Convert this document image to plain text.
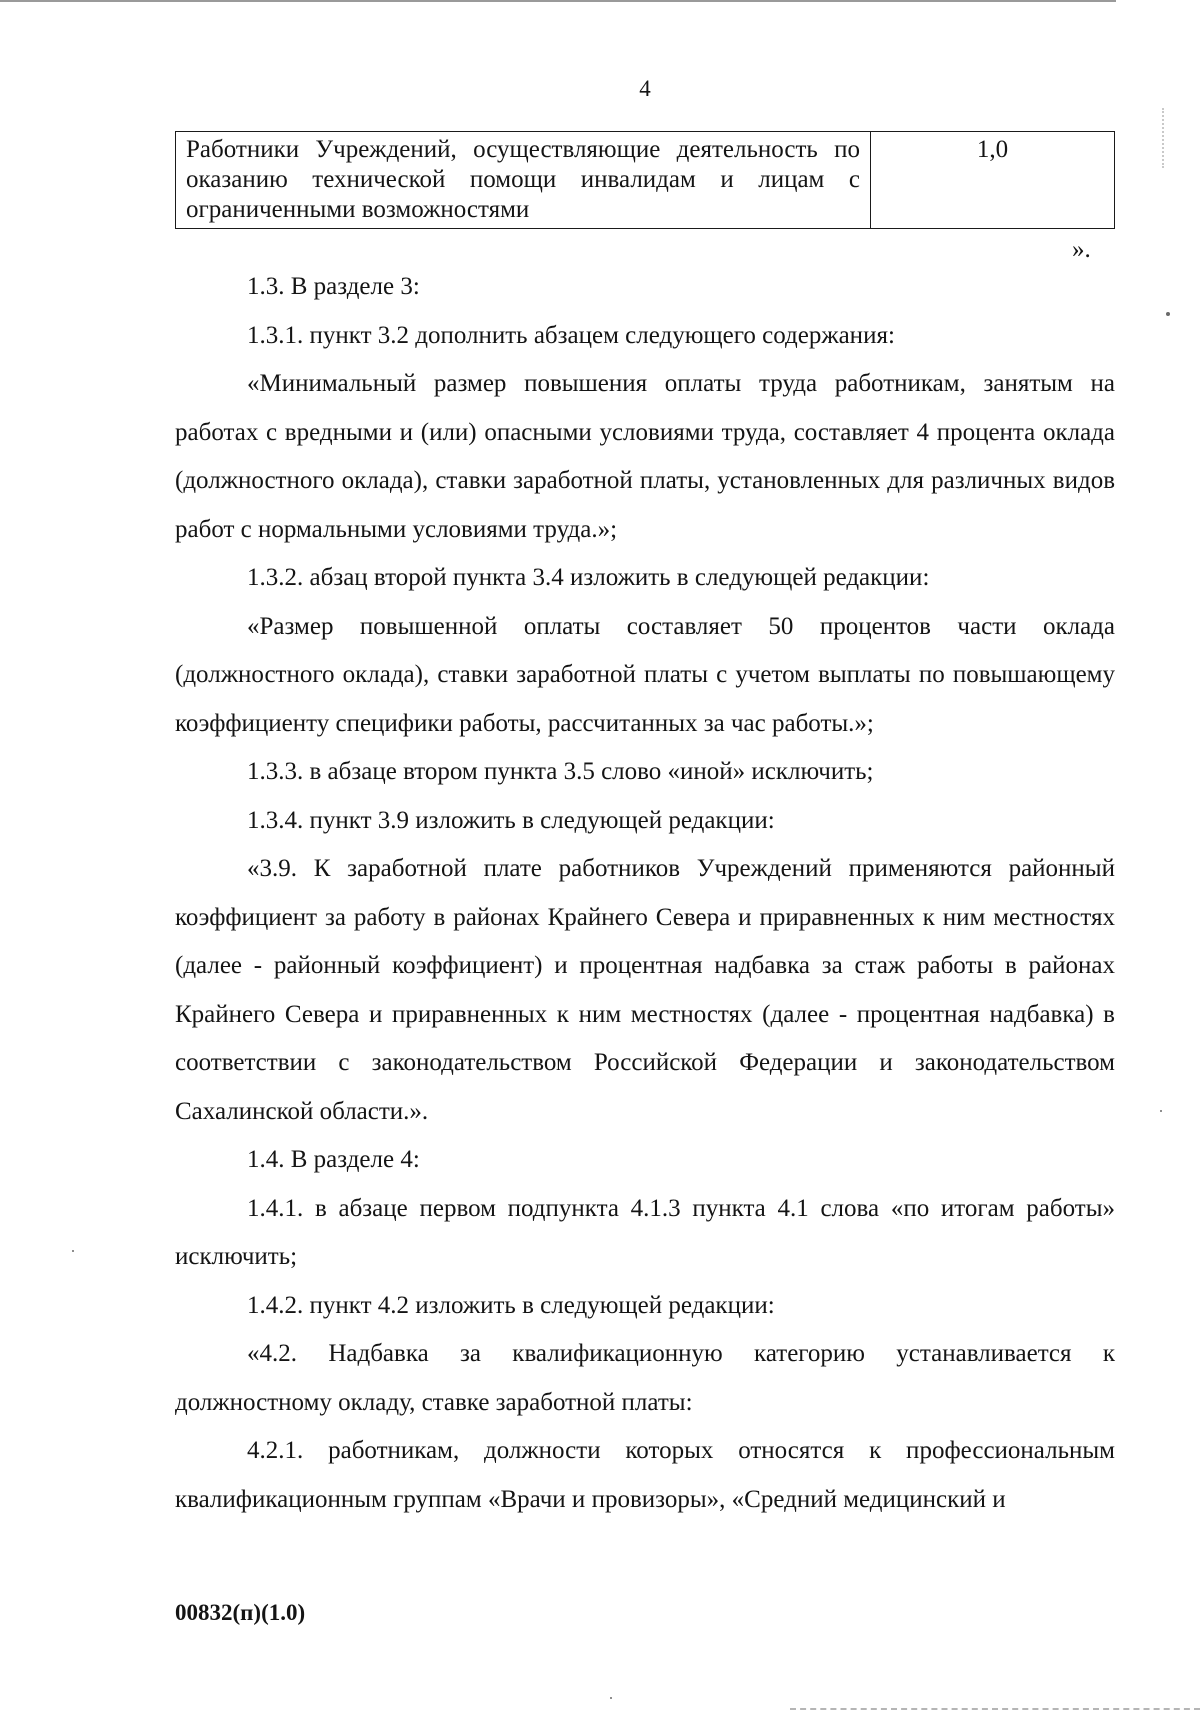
4
Работники Учреждений, осуществляющие деятельность по оказанию технической помощи инвалидам и лицам с ограниченными возможностями	1,0
».

1.3. В разделе 3:

1.3.1. пункт 3.2 дополнить абзацем следующего содержания:

«Минимальный размер повышения оплаты труда работникам, занятым на работах с вредными и (или) опасными условиями труда, составляет 4 процента оклада (должностного оклада), ставки заработной платы, установленных для различных видов работ с нормальными условиями труда.»;

1.3.2. абзац второй пункта 3.4 изложить в следующей редакции:

«Размер повышенной оплаты составляет 50 процентов части оклада (должностного оклада), ставки заработной платы с учетом выплаты по повышающему коэффициенту специфики работы, рассчитанных за час работы.»;

1.3.3. в абзаце втором пункта 3.5 слово «иной» исключить;

1.3.4. пункт 3.9 изложить в следующей редакции:

«3.9. К заработной плате работников Учреждений применяются районный коэффициент за работу в районах Крайнего Севера и приравненных к ним местностях (далее - районный коэффициент) и процентная надбавка за стаж работы в районах Крайнего Севера и приравненных к ним местностях (далее - процентная надбавка) в соответствии с законодательством Российской Федерации и законодательством Сахалинской области.».

1.4. В разделе 4:

1.4.1. в абзаце первом подпункта 4.1.3 пункта 4.1 слова «по итогам работы» исключить;

1.4.2. пункт 4.2 изложить в следующей редакции:

«4.2. Надбавка за квалификационную категорию устанавливается к должностному окладу, ставке заработной платы:

4.2.1. работникам, должности которых относятся к профессиональным квалификационным группам «Врачи и провизоры», «Средний медицинский и

00832(п)(1.0)
